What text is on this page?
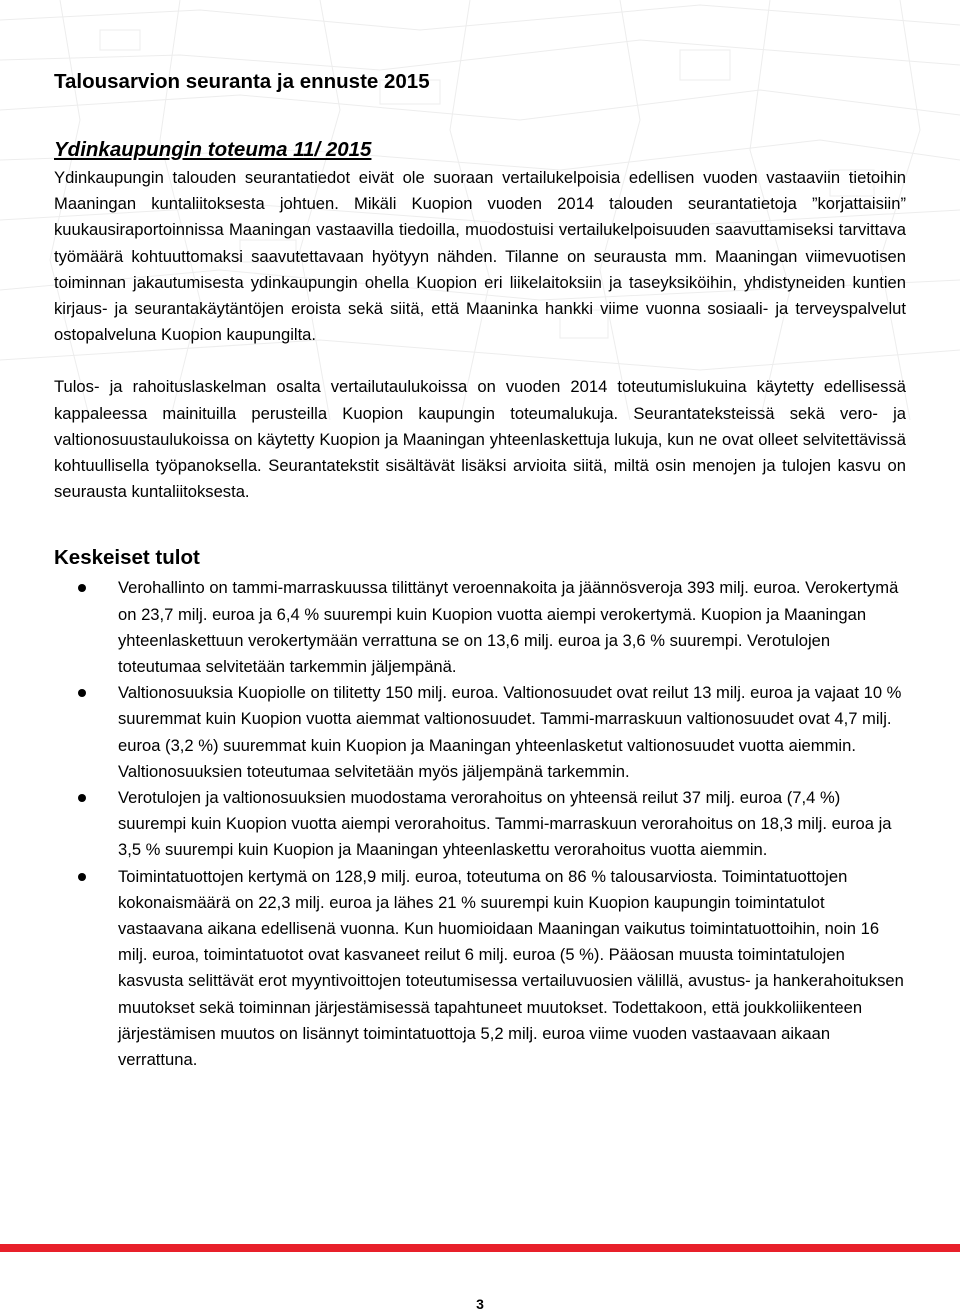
Talousarvion seuranta ja ennuste 2015
Ydinkaupungin toteuma 11/ 2015

Ydinkaupungin talouden seurantatiedot eivät ole suoraan vertailukelpoisia edellisen vuoden vastaaviin tietoihin Maaningan kuntaliitoksesta johtuen. Mikäli Kuopion vuoden 2014 talouden seurantatietoja ”korjattaisiin” kuukausiraportoinnissa Maaningan vastaavilla tiedoilla, muodostuisi vertailukelpoisuuden saavuttamiseksi tarvittava työmäärä kohtuuttomaksi saavutettavaan hyötyyn nähden. Tilanne on seurausta mm. Maaningan viimevuotisen toiminnan jakautumisesta ydinkaupungin ohella Kuopion eri liikelaitoksiin ja taseyksiköihin, yhdistyneiden kuntien kirjaus- ja seurantakäytäntöjen eroista sekä siitä, että Maaninka hankki viime vuonna sosiaali- ja terveyspalvelut ostopalveluna Kuopion kaupungilta.

Tulos- ja rahoituslaskelman osalta vertailutaulukoissa on vuoden 2014 toteutumislukuina käytetty edellisessä kappaleessa mainituilla perusteilla Kuopion kaupungin toteumalukuja. Seurantateksteissä sekä vero- ja valtionosuustaulukoissa on käytetty Kuopion ja Maaningan yhteenlaskettuja lukuja, kun ne ovat olleet selvitettävissä kohtuullisella työpanoksella. Seurantatekstit sisältävät lisäksi arvioita siitä, miltä osin menojen ja tulojen kasvu on seurausta kuntaliitoksesta.

Keskeiset tulot
Verohallinto on tammi-marraskuussa tilittänyt veroennakoita ja jäännösveroja 393 milj. euroa. Verokertymä on 23,7 milj. euroa ja 6,4 % suurempi kuin Kuopion vuotta aiempi verokertymä. Kuopion ja Maaningan yhteenlaskettuun verokertymään verrattuna se on 13,6 milj. euroa ja 3,6 % suurempi. Verotulojen toteutumaa selvitetään tarkemmin jäljempänä.
Valtionosuuksia Kuopiolle on tilitetty 150 milj. euroa. Valtionosuudet ovat reilut 13 milj. euroa ja vajaat 10 % suuremmat kuin Kuopion vuotta aiemmat valtionosuudet. Tammi-marraskuun valtionosuudet ovat 4,7 milj. euroa (3,2 %) suuremmat kuin Kuopion ja Maaningan yhteenlasketut valtionosuudet vuotta aiemmin. Valtionosuuksien toteutumaa selvitetään myös jäljempänä tarkemmin.
Verotulojen ja valtionosuuksien muodostama verorahoitus on yhteensä reilut 37 milj. euroa (7,4 %) suurempi kuin Kuopion vuotta aiempi verorahoitus. Tammi-marraskuun verorahoitus on 18,3 milj. euroa ja 3,5 % suurempi kuin Kuopion ja Maaningan yhteenlaskettu verorahoitus vuotta aiemmin.
Toimintatuottojen kertymä on 128,9 milj. euroa, toteutuma on 86 % talousarviosta. Toimintatuottojen kokonaismäärä on 22,3 milj. euroa ja lähes 21 % suurempi kuin Kuopion kaupungin toimintatulot vastaavana aikana edellisenä vuonna. Kun huomioidaan Maaningan vaikutus toimintatuottoihin, noin 16 milj. euroa, toimintatuotot ovat kasvaneet reilut 6 milj. euroa (5 %). Pääosan muusta toimintatulojen kasvusta selittävät erot myyntivoittojen toteutumisessa vertailuvuosien välillä, avustus- ja hankerahoituksen muutokset sekä toiminnan järjestämisessä tapahtuneet muutokset. Todettakoon, että joukkoliikenteen järjestämisen muutos on lisännyt toimintatuottoja 5,2 milj. euroa viime vuoden vastaavaan aikaan verrattuna.
3
